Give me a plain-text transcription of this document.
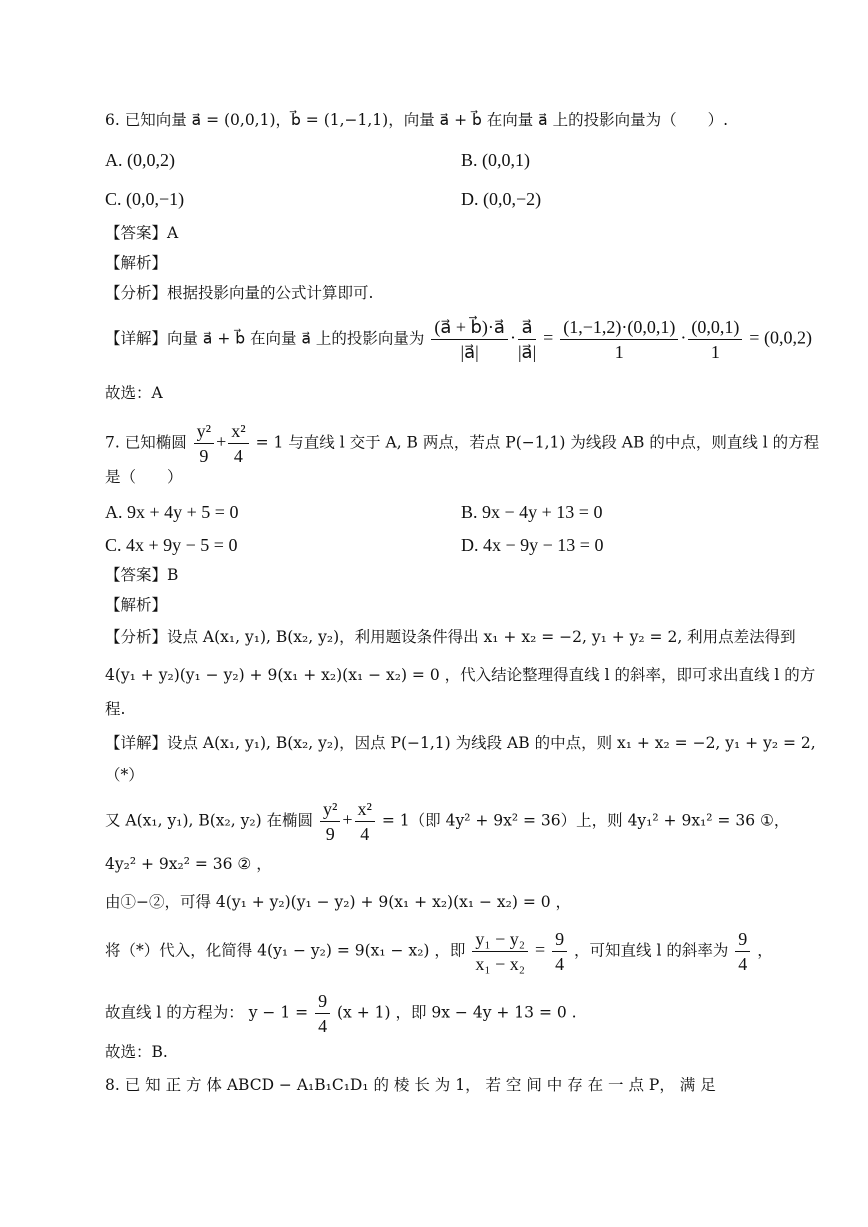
6. 已知向量 a⃗ = (0,0,1)，b⃗ = (1,−1,1)，向量 a⃗ + b⃗ 在向量 a⃗ 上的投影向量为（　　）.
A. (0,0,2)	B. (0,0,1)
C. (0,0,−1)	D. (0,0,−2)
【答案】A
【解析】
【分析】根据投影向量的公式计算即可.
【详解】向量 a⃗ + b⃗ 在向量 a⃗ 上的投影向量为 $\frac{(a⃗ + b⃗)\cdot a⃗}{|a⃗|} \cdot \frac{a⃗}{|a⃗|} = \frac{(1,-1,2)\cdot(0,0,1)}{1} \cdot \frac{(0,0,1)}{1} = (0,0,2)$
故选：A
7. 已知椭圆 $\frac{\text{y²}}{9} + \frac{\text{x²}}{4} = 1$ 与直线 l 交于 A, B 两点，若点 P(−1,1) 为线段 AB 的中点，则直线 l 的方程
是（　　）
A. 9x + 4y + 5 = 0	B. 9x − 4y + 13 = 0
C. 4x + 9y − 5 = 0	D. 4x − 9y − 13 = 0
【答案】B
【解析】
【分析】设点 A(x₁, y₁), B(x₂, y₂)，利用题设条件得出 x₁ + x₂ = −2, y₁ + y₂ = 2, 利用点差法得到
4(y₁ + y₂)(y₁ − y₂) + 9(x₁ + x₂)(x₁ − x₂) = 0 ，代入结论整理得直线 l 的斜率，即可求出直线 l 的方
程.
【详解】设点 A(x₁, y₁), B(x₂, y₂)，因点 P(−1,1) 为线段 AB 的中点，则 x₁ + x₂ = −2, y₁ + y₂ = 2,
（*）
又 A(x₁, y₁), B(x₂, y₂) 在椭圆 $\frac{\text{y²}}{9} + \frac{\text{x²}}{4} = 1$（即 4y² + 9x² = 36）上，则 4y₁² + 9x₁² = 36 ①，
4y₂² + 9x₂² = 36 ② ，
由①−②，可得 4(y₁ + y₂)(y₁ − y₂) + 9(x₁ + x₂)(x₁ − x₂) = 0 ，
将（*）代入，化简得 4(y₁ − y₂) = 9(x₁ − x₂) ，即 $\frac{\text{y₁ − y₂}}{\text{x₁ − x₂}} = \frac{9}{4}$ ，可知直线 l 的斜率为 $\frac{9}{4}$ ，
故直线 l 的方程为： $y - 1 = \frac{9}{4} (x + 1)$ ，即 9x − 4y + 13 = 0 .
故选：B.
8. 已 知 正 方 体 ABCD − A₁B₁C₁D₁ 的 棱 长 为 1， 若 空 间 中 存 在 一 点 P， 满 足
